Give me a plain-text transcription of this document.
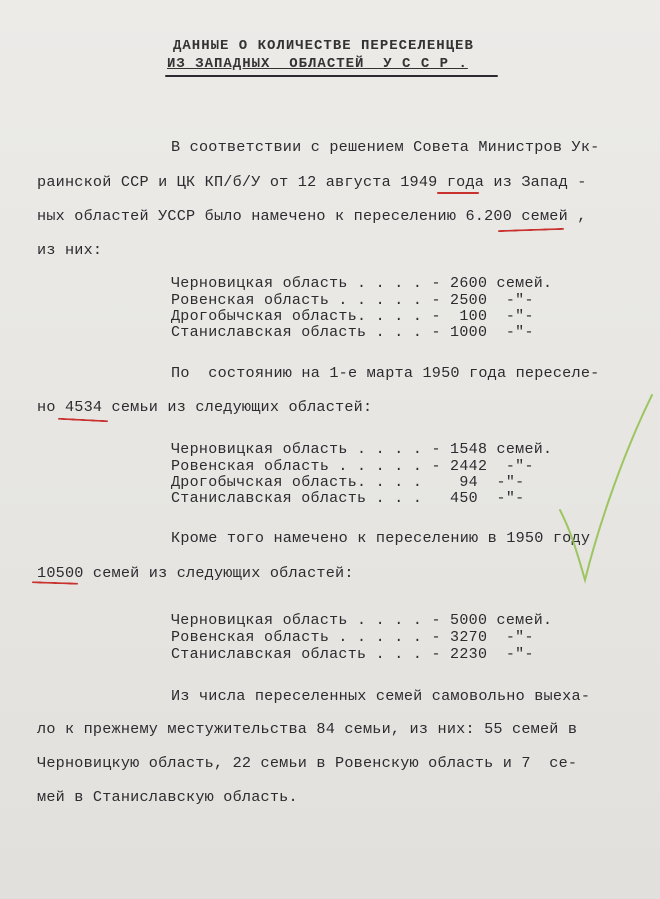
ДАННЫЕ О КОЛИЧЕСТВЕ ПЕРЕСЕЛЕНЦЕВ
ИЗ ЗАПАДНЫХ  ОБЛАСТЕЙ  У С С Р .
В соответствии с решением Совета Министров Ук-
раинской ССР и ЦК КП/б/У от 12 августа 1949 года из Запад -
ных областей УССР было намечено к переселению 6.200 семей ,
из них:
Черновицкая область . . . . - 2600 семей.
Ровенская область . . . . . - 2500  -"-
Дрогобычская область. . . . -  100  -"-
Станиславская область . . . - 1000  -"-
По  состоянию на 1-е марта 1950 года переселе-
но 4534 семьи из следующих областей:
Черновицкая область . . . . - 1548 семей.
Ровенская область . . . . . - 2442  -"-
Дрогобычская область. . . .    94  -"-
Станиславская область . . .   450  -"-
Кроме того намечено к переселению в 1950 году
10500 семей из следующих областей:
Черновицкая область . . . . - 5000 семей.
Ровенская область . . . . . - 3270  -"-
Станиславская область . . . - 2230  -"-
Из числа переселенных семей самовольно выеха-
ло к прежнему местужительства 84 семьи, из них: 55 семей в
Черновицкую область, 22 семьи в Ровенскую область и 7  се-
мей в Станиславскую область.
